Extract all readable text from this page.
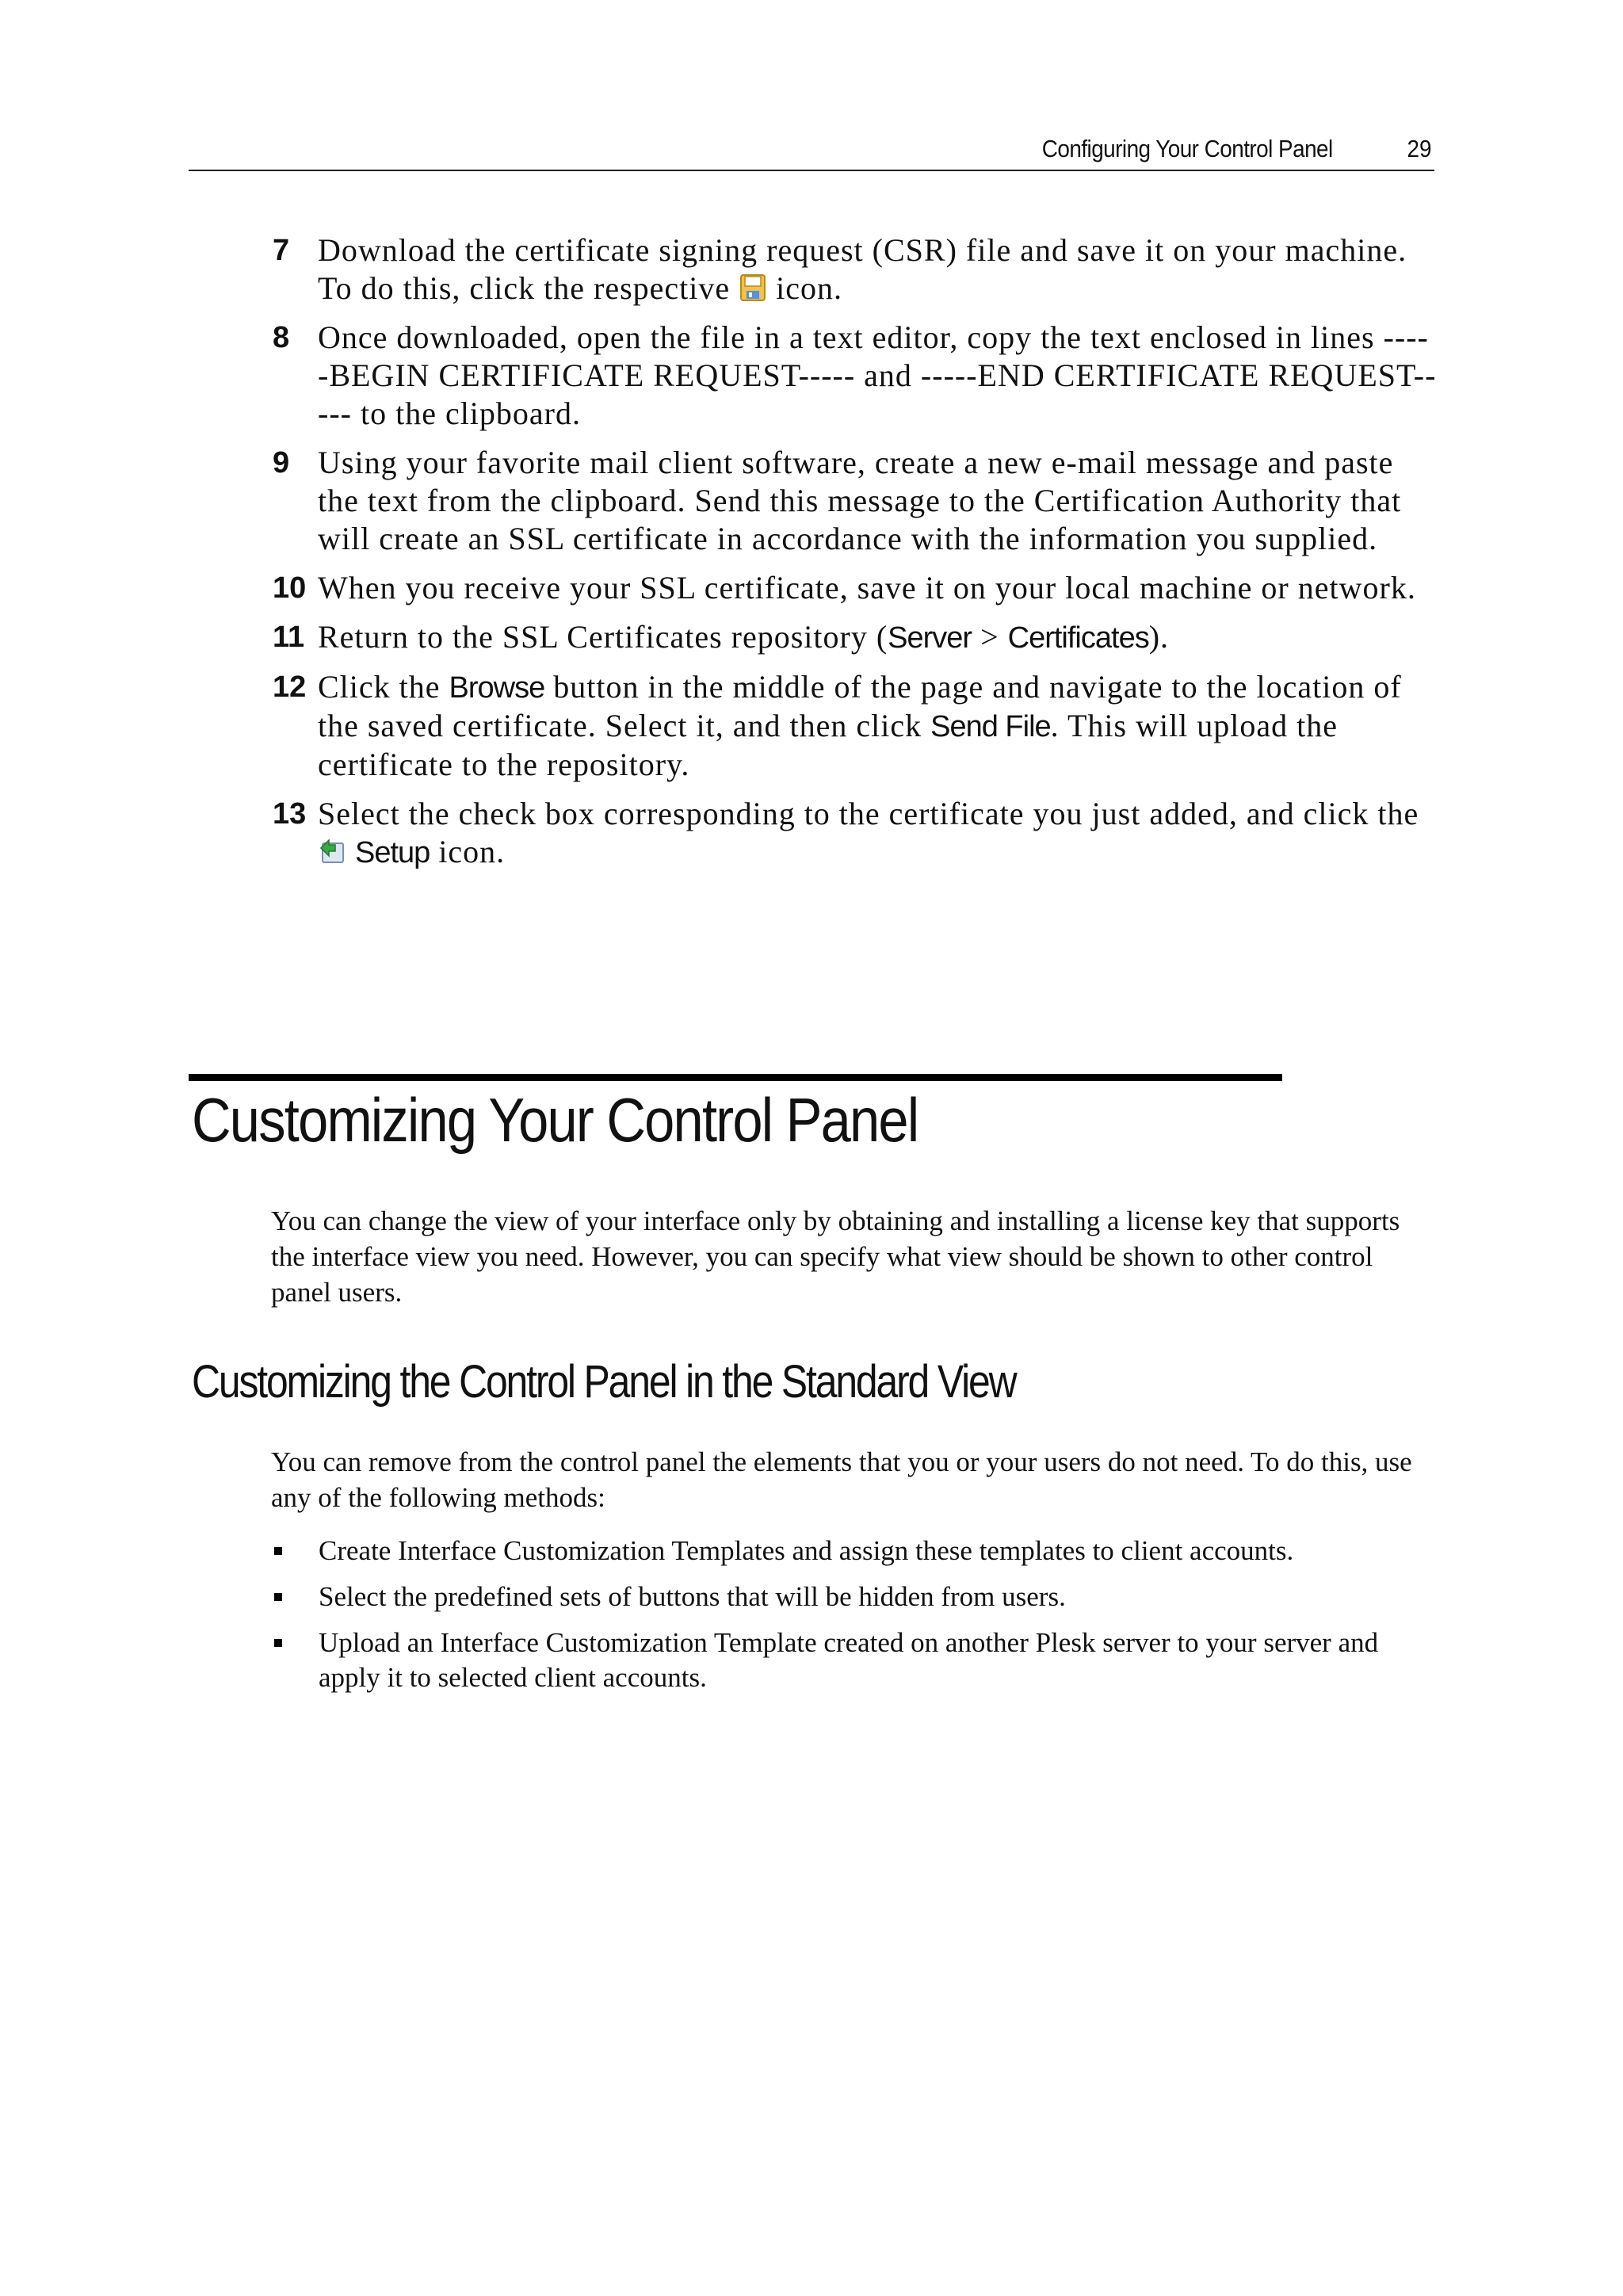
Configuring Your Control Panel	29
7 Download the certificate signing request (CSR) file and save it on your machine. To do this, click the respective  icon.
8 Once downloaded, open the file in a text editor, copy the text enclosed in lines -----BEGIN CERTIFICATE REQUEST----- and -----END CERTIFICATE REQUEST----- to the clipboard.
9 Using your favorite mail client software, create a new e-mail message and paste the text from the clipboard. Send this message to the Certification Authority that will create an SSL certificate in accordance with the information you supplied.
10 When you receive your SSL certificate, save it on your local machine or network.
11 Return to the SSL Certificates repository (Server > Certificates).
12 Click the Browse button in the middle of the page and navigate to the location of the saved certificate. Select it, and then click Send File. This will upload the certificate to the repository.
13 Select the check box corresponding to the certificate you just added, and click the  Setup icon.
Customizing Your Control Panel

You can change the view of your interface only by obtaining and installing a license key that supports the interface view you need. However, you can specify what view should be shown to other control panel users.

Customizing the Control Panel in the Standard View

You can remove from the control panel the elements that you or your users do not need. To do this, use any of the following methods:

Create Interface Customization Templates and assign these templates to client accounts.
Select the predefined sets of buttons that will be hidden from users.
Upload an Interface Customization Template created on another Plesk server to your server and apply it to selected client accounts.
